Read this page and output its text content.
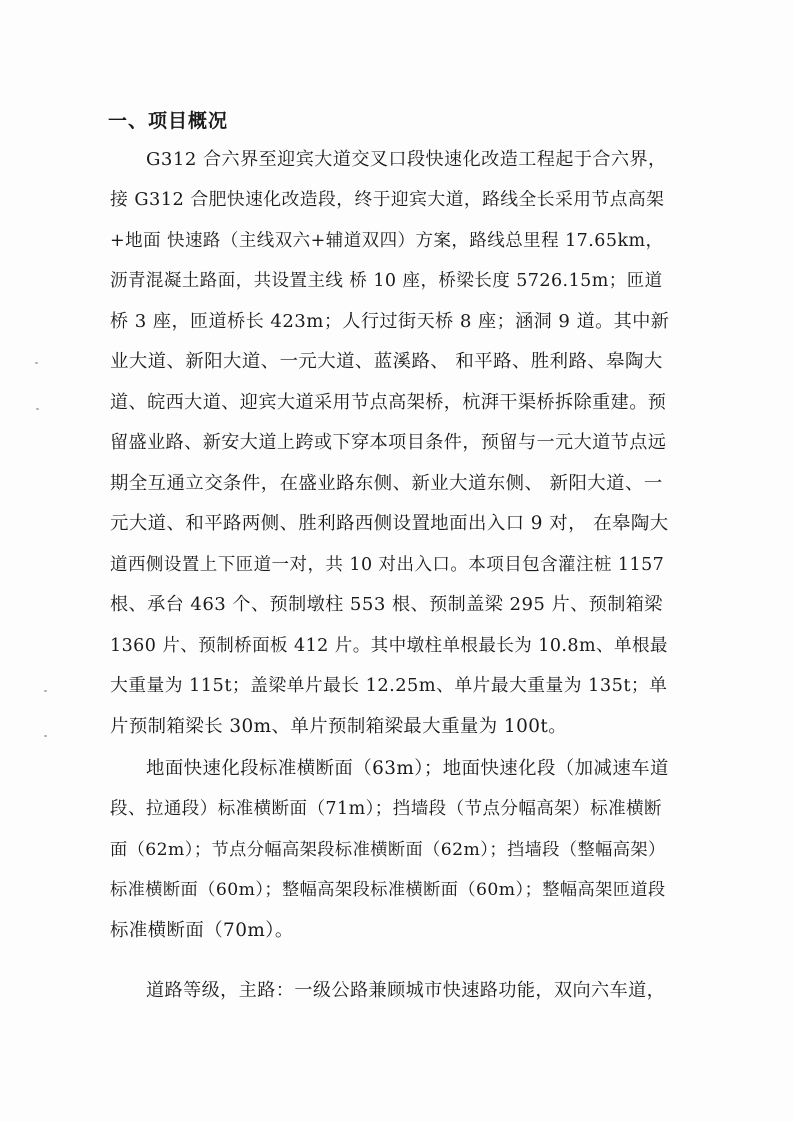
一、项目概况
G312 合六界至迎宾大道交叉口段快速化改造工程起于合六界，
接 G312 合肥快速化改造段，终于迎宾大道，路线全长采用节点高架
+地面 快速路（主线双六+辅道双四）方案，路线总里程 17.65km，
沥青混凝土路面，共设置主线 桥 10 座，桥梁长度 5726.15m；匝道
桥 3 座，匝道桥长 423m；人行过街天桥 8 座；涵洞 9 道。其中新
业大道、新阳大道、一元大道、蓝溪路、 和平路、胜利路、皋陶大
道、皖西大道、迎宾大道采用节点高架桥，杭湃干渠桥拆除重建。预
留盛业路、新安大道上跨或下穿本项目条件，预留与一元大道节点远
期全互通立交条件，在盛业路东侧、新业大道东侧、 新阳大道、一
元大道、和平路两侧、胜利路西侧设置地面出入口 9 对， 在皋陶大
道西侧设置上下匝道一对，共 10 对出入口。本项目包含灌注桩 1157
根、承台 463 个、预制墩柱 553 根、预制盖梁 295 片、预制箱梁
1360 片、预制桥面板 412 片。其中墩柱单根最长为 10.8m、单根最
大重量为 115t；盖梁单片最长 12.25m、单片最大重量为 135t；单
片预制箱梁长 30m、单片预制箱梁最大重量为 100t。
地面快速化段标准横断面（63m）；地面快速化段（加减速车道
段、拉通段）标准横断面（71m）；挡墙段（节点分幅高架）标准横断
面（62m）；节点分幅高架段标准横断面（62m）；挡墙段（整幅高架）
标准横断面（60m）；整幅高架段标准横断面（60m）；整幅高架匝道段
标准横断面（70m）。
道路等级，主路：一级公路兼顾城市快速路功能，双向六车道，
